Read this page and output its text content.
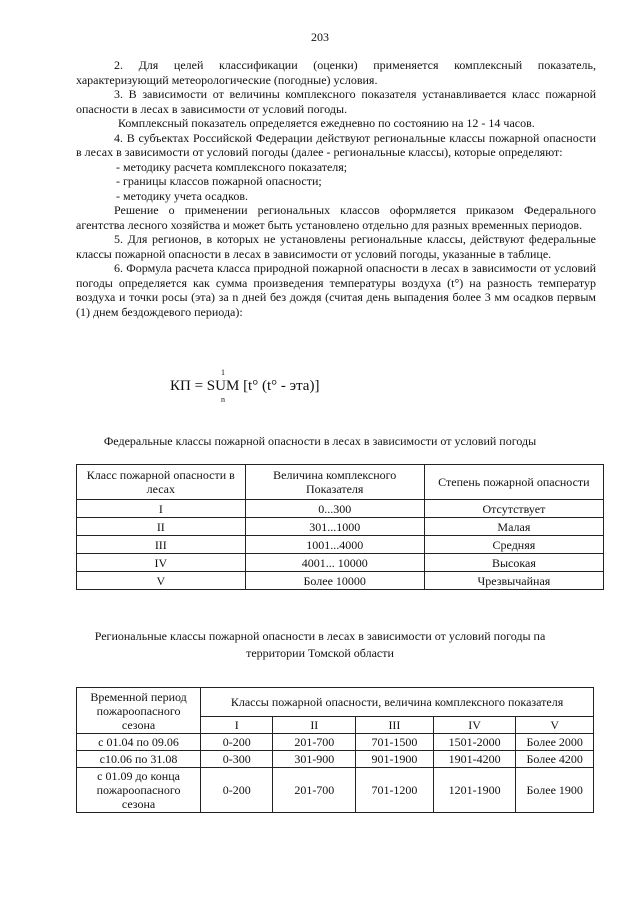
203

2. Для целей классификации (оценки) применяется комплексный показатель, характеризующий метеорологические (погодные) условия.

3. В зависимости от величины комплексного показателя устанавливается класс пожарной опасности в лесах в зависимости от условий погоды.

Комплексный показатель определяется ежедневно по состоянию на 12 - 14 часов.

4. В субъектах Российской Федерации действуют региональные классы пожарной опасности в лесах в зависимости от условий погоды (далее - региональные классы), которые определяют:

- методику расчета комплексного показателя;

- границы классов пожарной опасности;

- методику учета осадков.

Решение о применении региональных классов оформляется приказом Федерального агентства лесного хозяйства и может быть установлено отдельно для разных временных периодов.

5. Для регионов, в которых не установлены региональные классы, действуют федеральные классы пожарной опасности в лесах в зависимости от условий погоды, указанные в таблице.

6. Формула расчета класса природной пожарной опасности в лесах в зависимости от условий погоды определяется как сумма произведения температуры воздуха (t°) на разность температур воздуха и точки росы (эта) за n дней без дождя (считая день выпадения более 3 мм осадков первым (1) днем бездождевого периода):

КП =
1
SUM
n
[t° (t° - эта)]
Федеральные классы пожарной опасности в лесах в зависимости от условий погоды
Класс пожарной опасности в лесах	Величина комплексного Показателя	Степень пожарной опасности
I	0...300	Отсутствует
II	301...1000	Малая
III	1001...4000	Средняя
IV	4001... 10000	Высокая
V	Более 10000	Чрезвычайная
Региональные классы пожарной опасности в лесах в зависимости от условий погоды па
территории Томской области
Временной период пожароопасного сезона	Классы пожарной опасности, величина комплексного показателя				
	I	II	III	IV	V
с 01.04 по 09.06	0-200	201-700	701-1500	1501-2000	Более 2000
с10.06 по 31.08	0-300	301-900	901-1900	1901-4200	Более 4200
с 01.09 до конца пожароопасного сезона	0-200	201-700	701-1200	1201-1900	Более 1900
